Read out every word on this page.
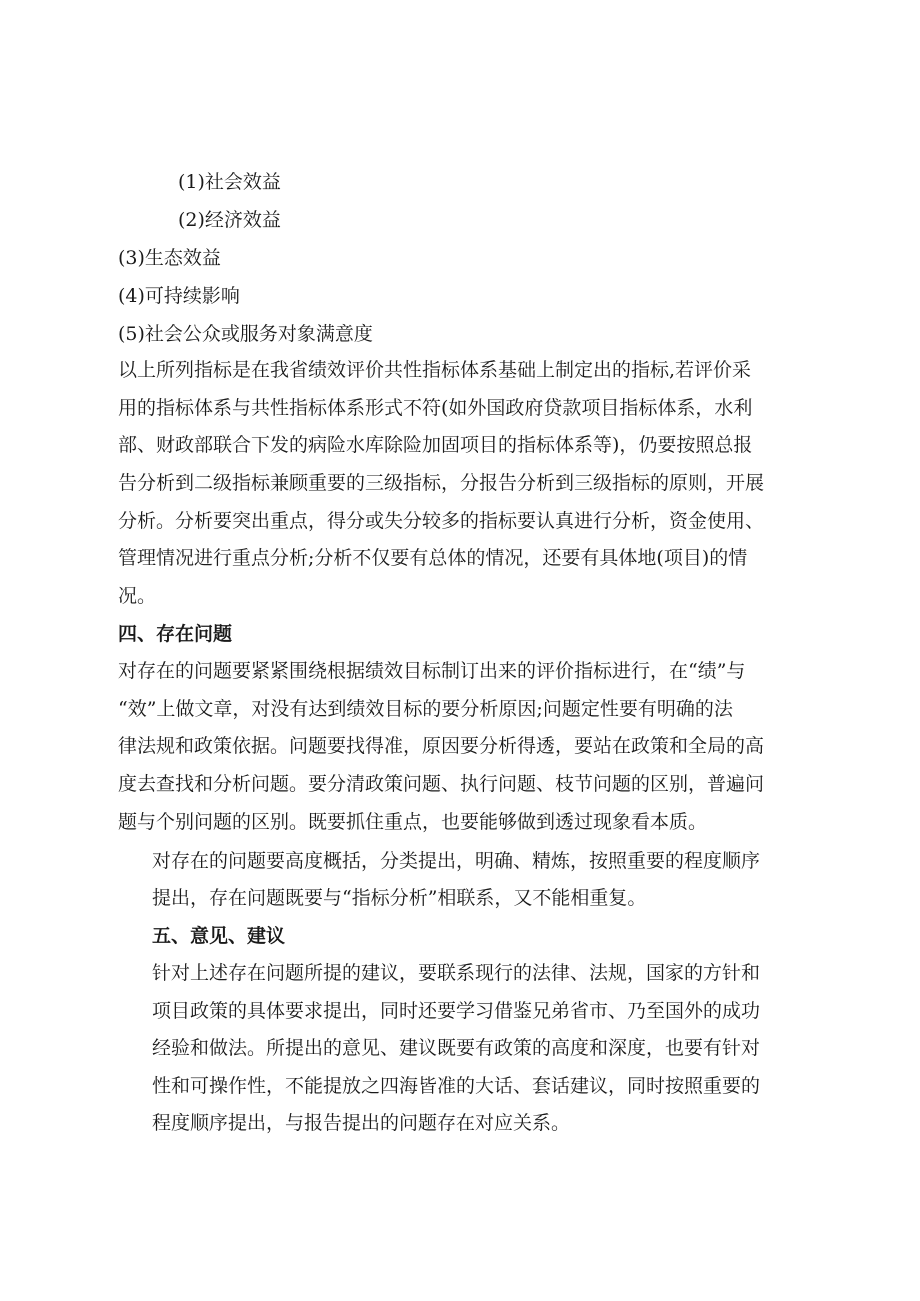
(1)社会效益
(2)经济效益
(3)生态效益
(4)可持续影响
(5)社会公众或服务对象满意度
以上所列指标是在我省绩效评价共性指标体系基础上制定出的指标,若评价采
用的指标体系与共性指标体系形式不符(如外国政府贷款项目指标体系，水利
部、财政部联合下发的病险水库除险加固项目的指标体系等)，仍要按照总报
告分析到二级指标兼顾重要的三级指标，分报告分析到三级指标的原则，开展
分析。分析要突出重点，得分或失分较多的指标要认真进行分析，资金使用、
管理情况进行重点分析;分析不仅要有总体的情况，还要有具体地(项目)的情
况。
四、存在问题
对存在的问题要紧紧围绕根据绩效目标制订出来的评价指标进行，在“绩”与
“效”上做文章，对没有达到绩效目标的要分析原因;问题定性要有明确的法
律法规和政策依据。问题要找得准，原因要分析得透，要站在政策和全局的高
度去查找和分析问题。要分清政策问题、执行问题、枝节问题的区别，普遍问
题与个别问题的区别。既要抓住重点，也要能够做到透过现象看本质。
对存在的问题要高度概括，分类提出，明确、精炼，按照重要的程度顺序
提出，存在问题既要与“指标分析”相联系，又不能相重复。
五、意见、建议
针对上述存在问题所提的建议，要联系现行的法律、法规，国家的方针和
项目政策的具体要求提出，同时还要学习借鉴兄弟省市、乃至国外的成功
经验和做法。所提出的意见、建议既要有政策的高度和深度，也要有针对
性和可操作性，不能提放之四海皆准的大话、套话建议，同时按照重要的
程度顺序提出，与报告提出的问题存在对应关系。
